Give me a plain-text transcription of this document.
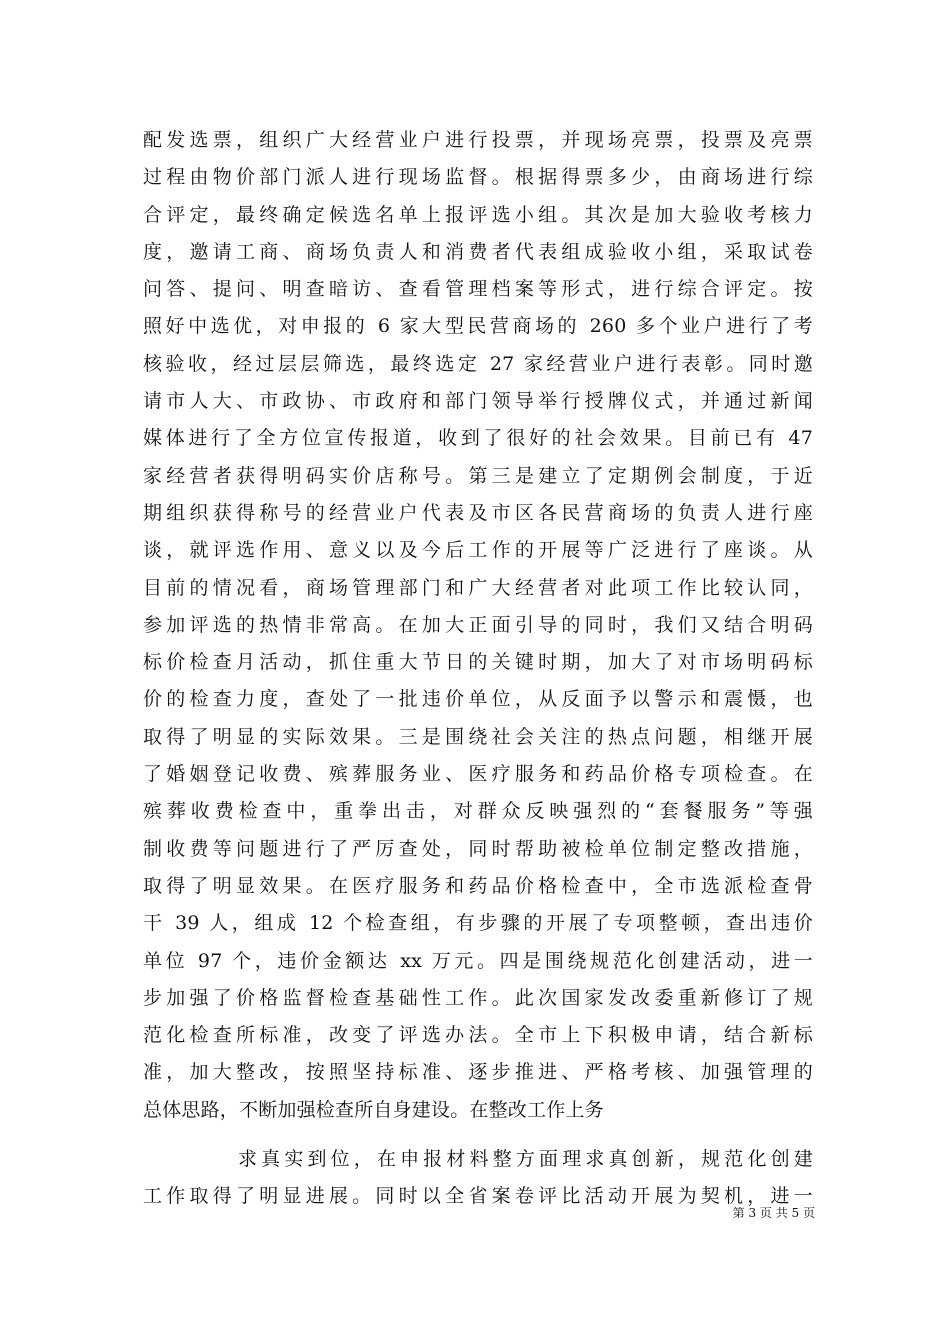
配发选票，组织广大经营业户进行投票，并现场亮票，投票及亮票
过程由物价部门派人进行现场监督。根据得票多少，由商场进行综
合评定，最终确定候选名单上报评选小组。其次是加大验收考核力
度，邀请工商、商场负责人和消费者代表组成验收小组，采取试卷
问答、提问、明查暗访、查看管理档案等形式，进行综合评定。按
照好中选优，对申报的 6 家大型民营商场的 260 多个业户进行了考
核验收，经过层层筛选，最终选定 27 家经营业户进行表彰。同时邀
请市人大、市政协、市政府和部门领导举行授牌仪式，并通过新闻
媒体进行了全方位宣传报道，收到了很好的社会效果。目前已有 47
家经营者获得明码实价店称号。第三是建立了定期例会制度，于近
期组织获得称号的经营业户代表及市区各民营商场的负责人进行座
谈，就评选作用、意义以及今后工作的开展等广泛进行了座谈。从
目前的情况看，商场管理部门和广大经营者对此项工作比较认同，
参加评选的热情非常高。在加大正面引导的同时，我们又结合明码
标价检查月活动，抓住重大节日的关键时期，加大了对市场明码标
价的检查力度，查处了一批违价单位，从反面予以警示和震慑，也
取得了明显的实际效果。三是围绕社会关注的热点问题，相继开展
了婚姻登记收费、殡葬服务业、医疗服务和药品价格专项检查。在
殡葬收费检查中，重拳出击，对群众反映强烈的“套餐服务”等强
制收费等问题进行了严厉查处，同时帮助被检单位制定整改措施，
取得了明显效果。在医疗服务和药品价格检查中，全市选派检查骨
干 39 人，组成 12 个检查组，有步骤的开展了专项整顿，查出违价
单位 97 个，违价金额达 xx 万元。四是围绕规范化创建活动，进一
步加强了价格监督检查基础性工作。此次国家发改委重新修订了规
范化检查所标准，改变了评选办法。全市上下积极申请，结合新标
准，加大整改，按照坚持标准、逐步推进、严格考核、加强管理的
总体思路，不断加强检查所自身建设。在整改工作上务
求真实到位，在申报材料整方面理求真创新，规范化创建
工作取得了明显进展。同时以全省案卷评比活动开展为契机，进一
第 3 页 共 5 页
